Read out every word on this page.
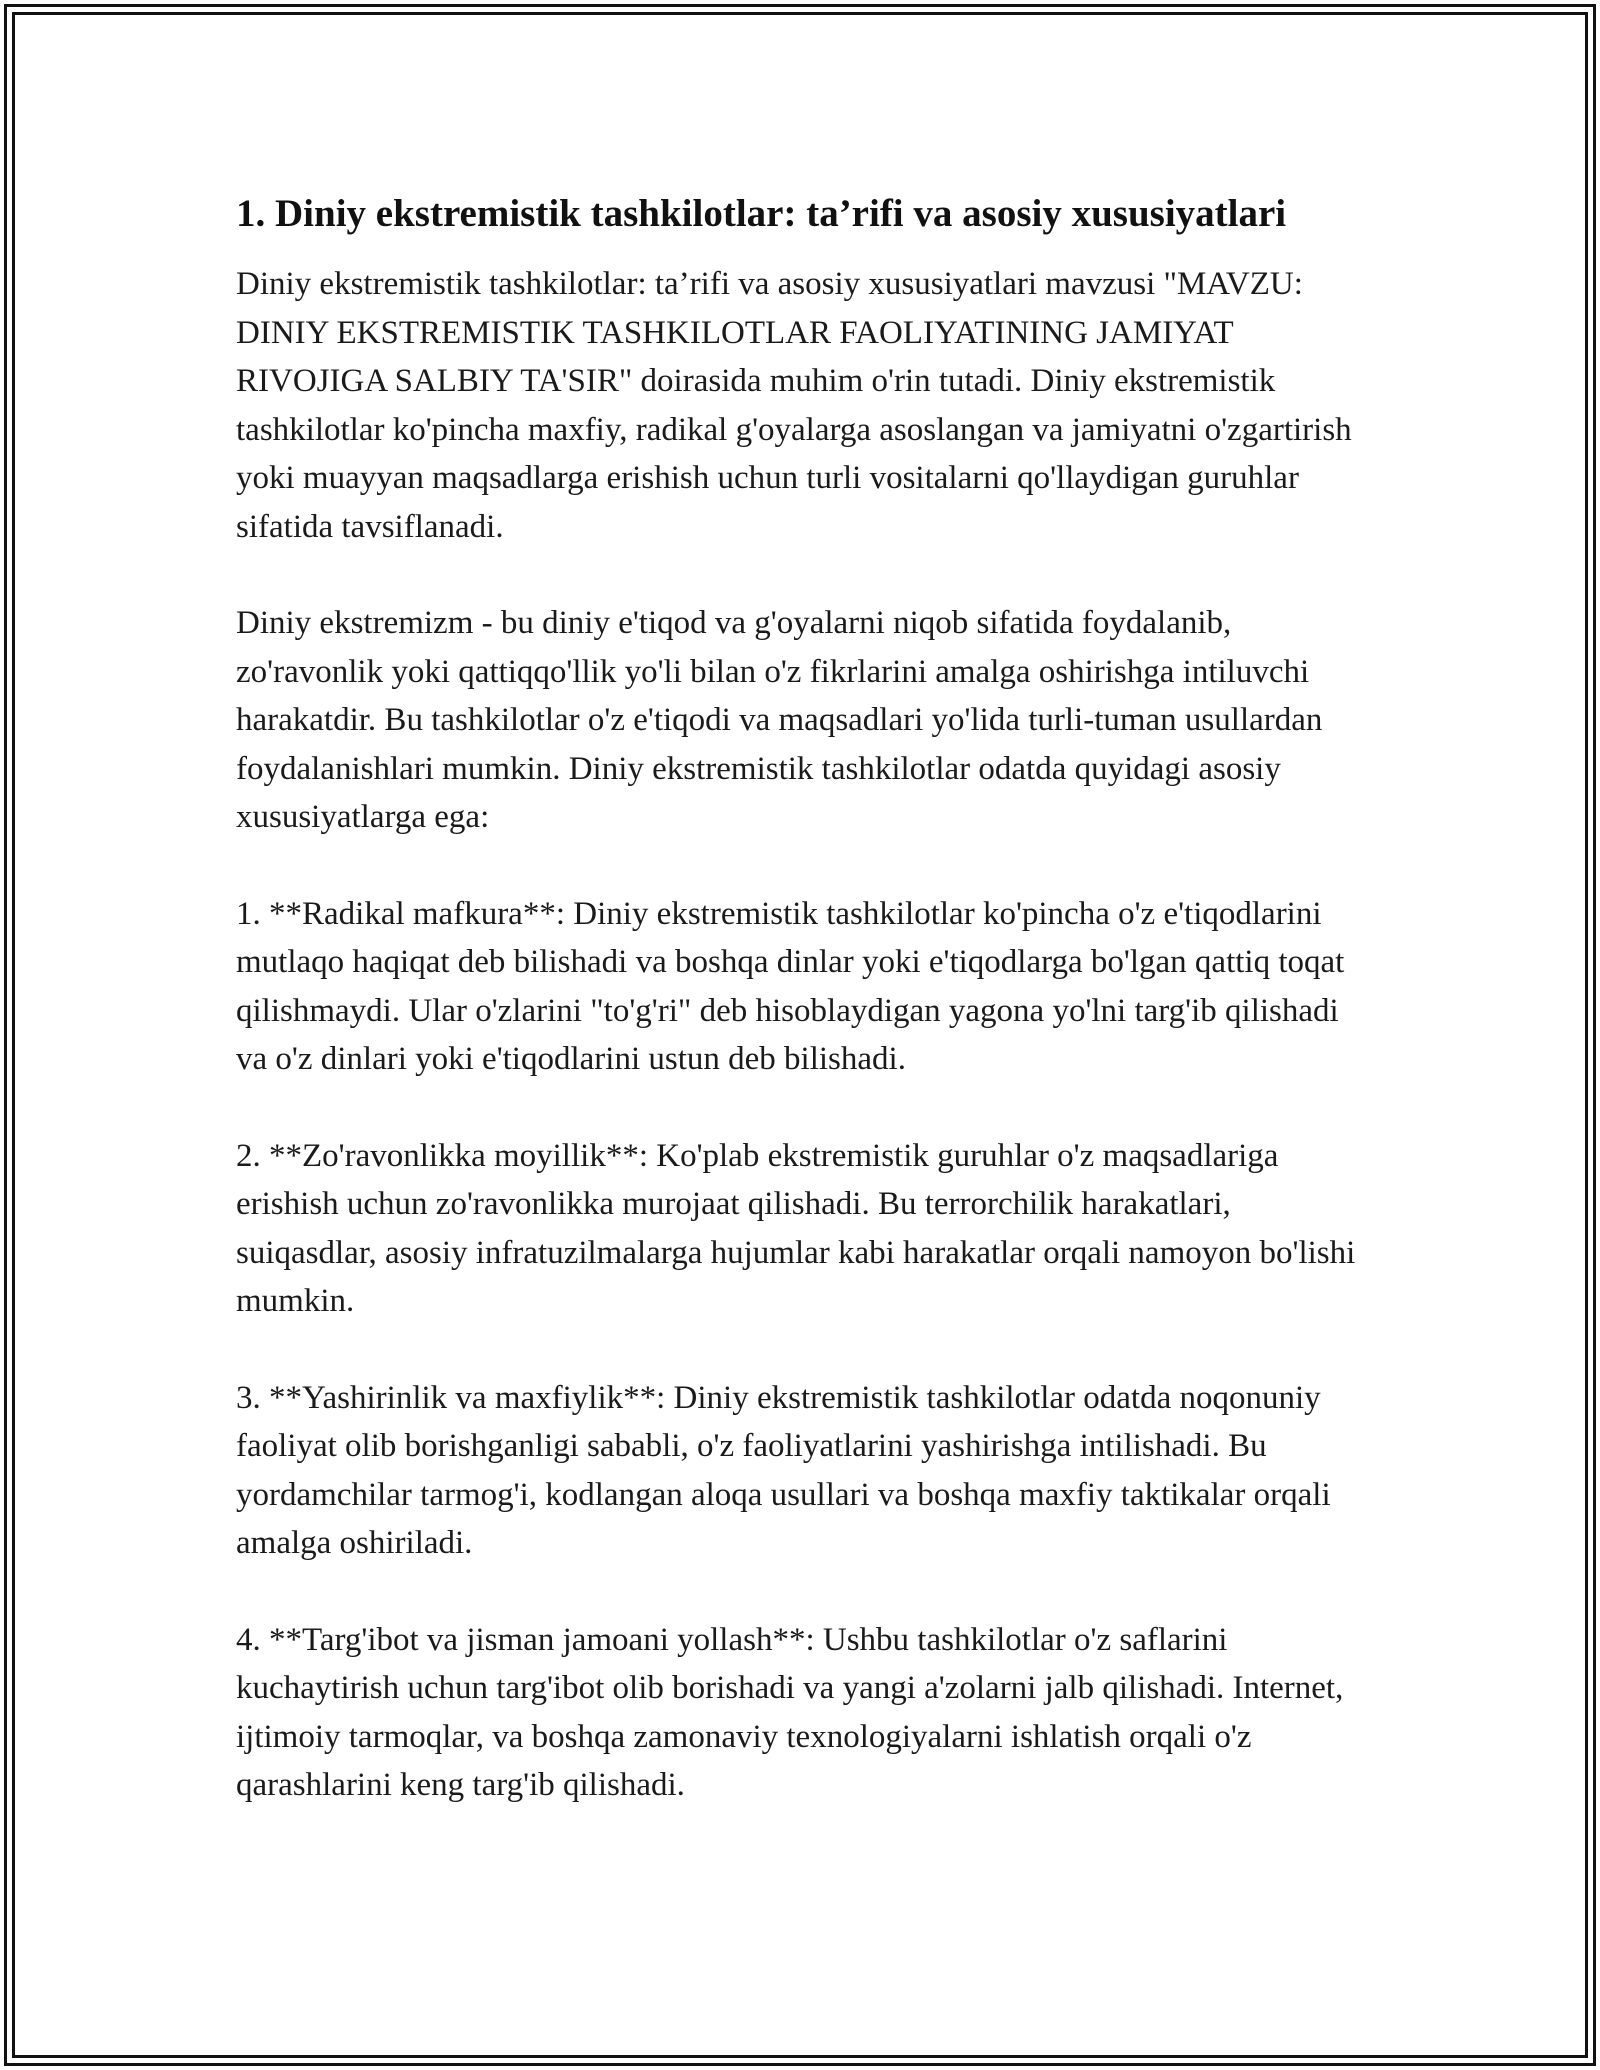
1. Diniy ekstremistik tashkilotlar: ta’rifi va asosiy xususiyatlari

Diniy ekstremistik tashkilotlar: ta’rifi va asosiy xususiyatlari mavzusi "MAVZU: DINIY EKSTREMISTIK TASHKILOTLAR FAOLIYATINING JAMIYAT RIVOJIGA SALBIY TA'SIR" doirasida muhim o'rin tutadi. Diniy ekstremistik tashkilotlar ko'pincha maxfiy, radikal g'oyalarga asoslangan va jamiyatni o'zgartirish yoki muayyan maqsadlarga erishish uchun turli vositalarni qo'llaydigan guruhlar sifatida tavsiflanadi.

Diniy ekstremizm - bu diniy e'tiqod va g'oyalarni niqob sifatida foydalanib, zo'ravonlik yoki qattiqqo'llik yo'li bilan o'z fikrlarini amalga oshirishga intiluvchi harakatdir. Bu tashkilotlar o'z e'tiqodi va maqsadlari yo'lida turli-tuman usullardan foydalanishlari mumkin. Diniy ekstremistik tashkilotlar odatda quyidagi asosiy xususiyatlarga ega:

1. **Radikal mafkura**: Diniy ekstremistik tashkilotlar ko'pincha o'z e'tiqodlarini mutlaqo haqiqat deb bilishadi va boshqa dinlar yoki e'tiqodlarga bo'lgan qattiq toqat qilishmaydi. Ular o'zlarini "to'g'ri" deb hisoblaydigan yagona yo'lni targ'ib qilishadi va o'z dinlari yoki e'tiqodlarini ustun deb bilishadi.

2. **Zo'ravonlikka moyillik**: Ko'plab ekstremistik guruhlar o'z maqsadlariga erishish uchun zo'ravonlikka murojaat qilishadi. Bu terrorchilik harakatlari, suiqasdlar, asosiy infratuzilmalarga hujumlar kabi harakatlar orqali namoyon bo'lishi mumkin.

3. **Yashirinlik va maxfiylik**: Diniy ekstremistik tashkilotlar odatda noqonuniy faoliyat olib borishganligi sababli, o'z faoliyatlarini yashirishga intilishadi. Bu yordamchilar tarmog'i, kodlangan aloqa usullari va boshqa maxfiy taktikalar orqali amalga oshiriladi.

4. **Targ'ibot va jisman jamoani yollash**: Ushbu tashkilotlar o'z saflarini kuchaytirish uchun targ'ibot olib borishadi va yangi a'zolarni jalb qilishadi. Internet, ijtimoiy tarmoqlar, va boshqa zamonaviy texnologiyalarni ishlatish orqali o'z qarashlarini keng targ'ib qilishadi.
